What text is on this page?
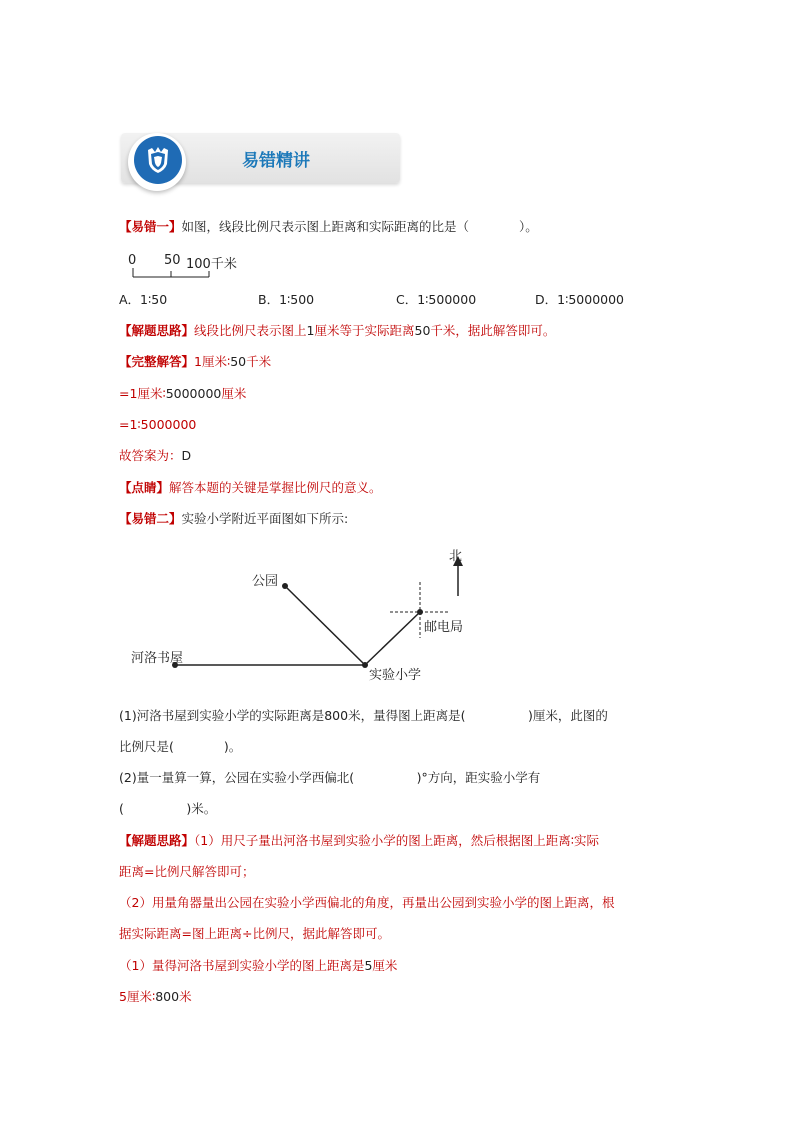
易错精讲
【易错一】如图，线段比例尺表示图上距离和实际距离的比是（　　　　）。
0 50 100千米
A．1∶50	B．1∶500	C．1∶500000	D．1∶5000000
【解题思路】线段比例尺表示图上1厘米等于实际距离50千米，据此解答即可。
【完整解答】1厘米∶50千米
=1厘米∶5000000厘米
=1∶5000000
故答案为：D
【点睛】解答本题的关键是掌握比例尺的意义。
【易错二】实验小学附近平面图如下所示:
北
公园
邮电局
河洛书屋
实验小学
(1)河洛书屋到实验小学的实际距离是800米，量得图上距离是(　　　　　)厘米，此图的
比例尺是(　　　　)。
(2)量一量算一算，公园在实验小学西偏北(　　　　　)°方向，距实验小学有
(　　　　　)米。
【解题思路】（1）用尺子量出河洛书屋到实验小学的图上距离，然后根据图上距离∶实际
距离=比例尺解答即可；
（2）用量角器量出公园在实验小学西偏北的角度，再量出公园到实验小学的图上距离，根
据实际距离=图上距离÷比例尺，据此解答即可。
（1）量得河洛书屋到实验小学的图上距离是5厘米
5厘米∶800米
